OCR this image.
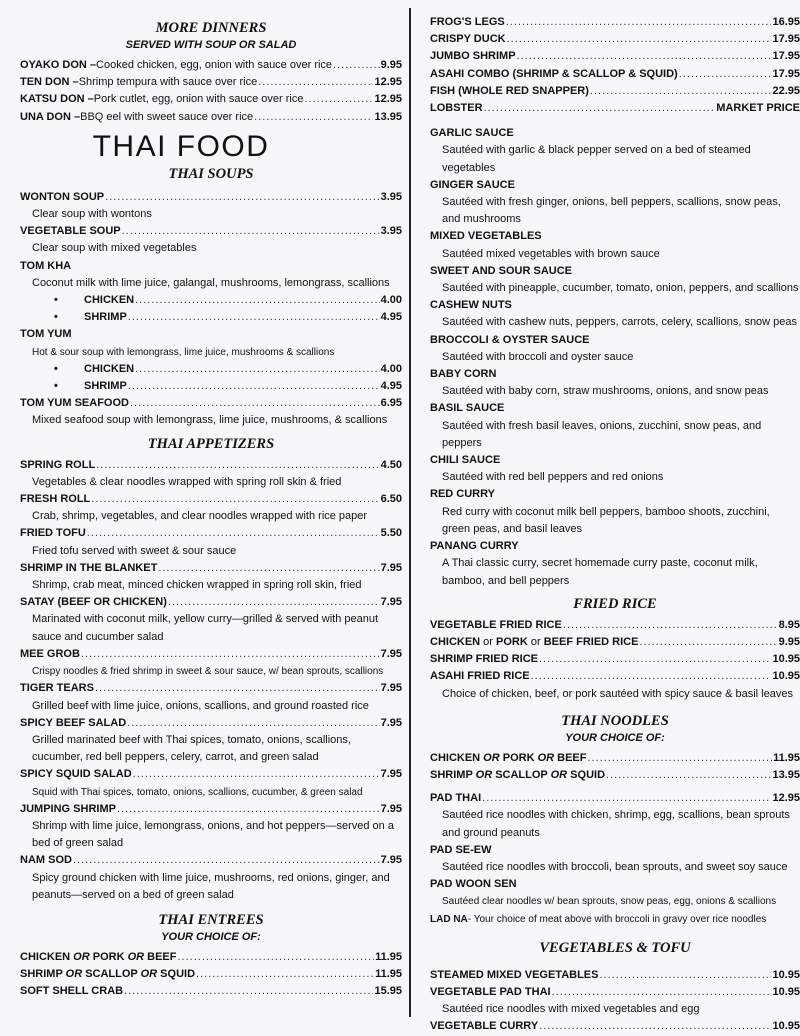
MORE DINNERS
SERVED WITH SOUP OR SALAD
OYAKO DON – Cooked chicken, egg, onion with sauce over rice .....	9.95
TEN DON – Shrimp tempura with sauce over rice .....	12.95
KATSU DON – Pork cutlet, egg, onion with sauce over rice .....	12.95
UNA DON – BBQ eel with sweet sauce over rice .....	13.95
THAI FOOD
THAI SOUPS
WONTON SOUP .....	3.95
Clear soup with wontons
VEGETABLE SOUP .....	3.95
Clear soup with mixed vegetables
TOM KHA
Coconut milk with lime juice, galangal, mushrooms, lemongrass, scallions
• CHICKEN .....	4.00
• SHRIMP .....	4.95
TOM YUM
Hot & sour soup with lemongrass, lime juice, mushrooms & scallions
• CHICKEN .....	4.00
• SHRIMP .....	4.95
TOM YUM SEAFOOD .....	6.95
Mixed seafood soup with lemongrass, lime juice, mushrooms, & scallions
THAI APPETIZERS
SPRING ROLL .....	4.50
Vegetables & clear noodles wrapped with spring roll skin & fried
FRESH ROLL .....	6.50
Crab, shrimp, vegetables, and clear noodles wrapped with rice paper
FRIED TOFU .....	5.50
Fried tofu served with sweet & sour sauce
SHRIMP IN THE BLANKET .....	7.95
Shrimp, crab meat, minced chicken wrapped in spring roll skin, fried
SATAY (BEEF OR CHICKEN) .....	7.95
Marinated with coconut milk, yellow curry—grilled & served with peanut sauce and cucumber salad
MEE GROB .....	7.95
Crispy noodles & fried shrimp in sweet & sour sauce, w/ bean sprouts, scallions
TIGER TEARS .....	7.95
Grilled beef with lime juice, onions, scallions, and ground roasted rice
SPICY BEEF SALAD .....	7.95
Grilled marinated beef with Thai spices, tomato, onions, scallions, cucumber, red bell peppers, celery, carrot, and green salad
SPICY SQUID SALAD .....	7.95
Squid with Thai spices, tomato, onions, scallions, cucumber, & green salad
JUMPING SHRIMP .....	7.95
Shrimp with lime juice, lemongrass, onions, and hot peppers—served on a bed of green salad
NAM SOD .....	7.95
Spicy ground chicken with lime juice, mushrooms, red onions, ginger, and peanuts—served on a bed of green salad
THAI ENTREES
YOUR CHOICE OF:
CHICKEN OR PORK OR BEEF .....	11.95
SHRIMP OR SCALLOP OR SQUID .....	11.95
SOFT SHELL CRAB .....	15.95
FROG'S LEGS .....	16.95
CRISPY DUCK .....	17.95
JUMBO SHRIMP .....	17.95
ASAHI COMBO (SHRIMP & SCALLOP & SQUID) .....	17.95
FISH (WHOLE RED SNAPPER) .....	22.95
LOBSTER .....	MARKET PRICE
GARLIC SAUCE
Sautéed with garlic & black pepper served on a bed of steamed vegetables
GINGER SAUCE
Sautéed with fresh ginger, onions, bell peppers, scallions, snow peas, and mushrooms
MIXED VEGETABLES
Sautéed mixed vegetables with brown sauce
SWEET AND SOUR SAUCE
Sautéed with pineapple, cucumber, tomato, onion, peppers, and scallions
CASHEW NUTS
Sautéed with cashew nuts, peppers, carrots, celery, scallions, snow peas
BROCCOLI & OYSTER SAUCE
Sautéed with broccoli and oyster sauce
BABY CORN
Sautéed with baby corn, straw mushrooms, onions, and snow peas
BASIL SAUCE
Sautéed with fresh basil leaves, onions, zucchini, snow peas, and peppers
CHILI SAUCE
Sautéed with red bell peppers and red onions
RED CURRY
Red curry with coconut milk bell peppers, bamboo shoots, zucchini, green peas, and basil leaves
PANANG CURRY
A Thai classic curry, secret homemade curry paste, coconut milk, bamboo, and bell peppers
FRIED RICE
VEGETABLE FRIED RICE .....	8.95
CHICKEN or PORK or BEEF FRIED RICE .....	9.95
SHRIMP FRIED RICE .....	10.95
ASAHI FRIED RICE .....	10.95
Choice of chicken, beef, or pork sautéed with spicy sauce & basil leaves
THAI NOODLES
YOUR CHOICE OF:
CHICKEN OR PORK OR BEEF .....	11.95
SHRIMP OR SCALLOP OR SQUID .....	13.95
PAD THAI .....	12.95
Sautéed rice noodles with chicken, shrimp, egg, scallions, bean sprouts and ground peanuts
PAD SE-EW
Sautéed rice noodles with broccoli, bean sprouts, and sweet soy sauce
PAD WOON SEN
Sautéed clear noodles w/ bean sprouts, snow peas, egg, onions & scallions
LAD NA - Your choice of meat above with broccoli in gravy over rice noodles
VEGETABLES & TOFU
STEAMED MIXED VEGETABLES .....	10.95
VEGETABLE PAD THAI .....	10.95
Sautéed rice noodles with mixed vegetables and egg
VEGETABLE CURRY .....	10.95
